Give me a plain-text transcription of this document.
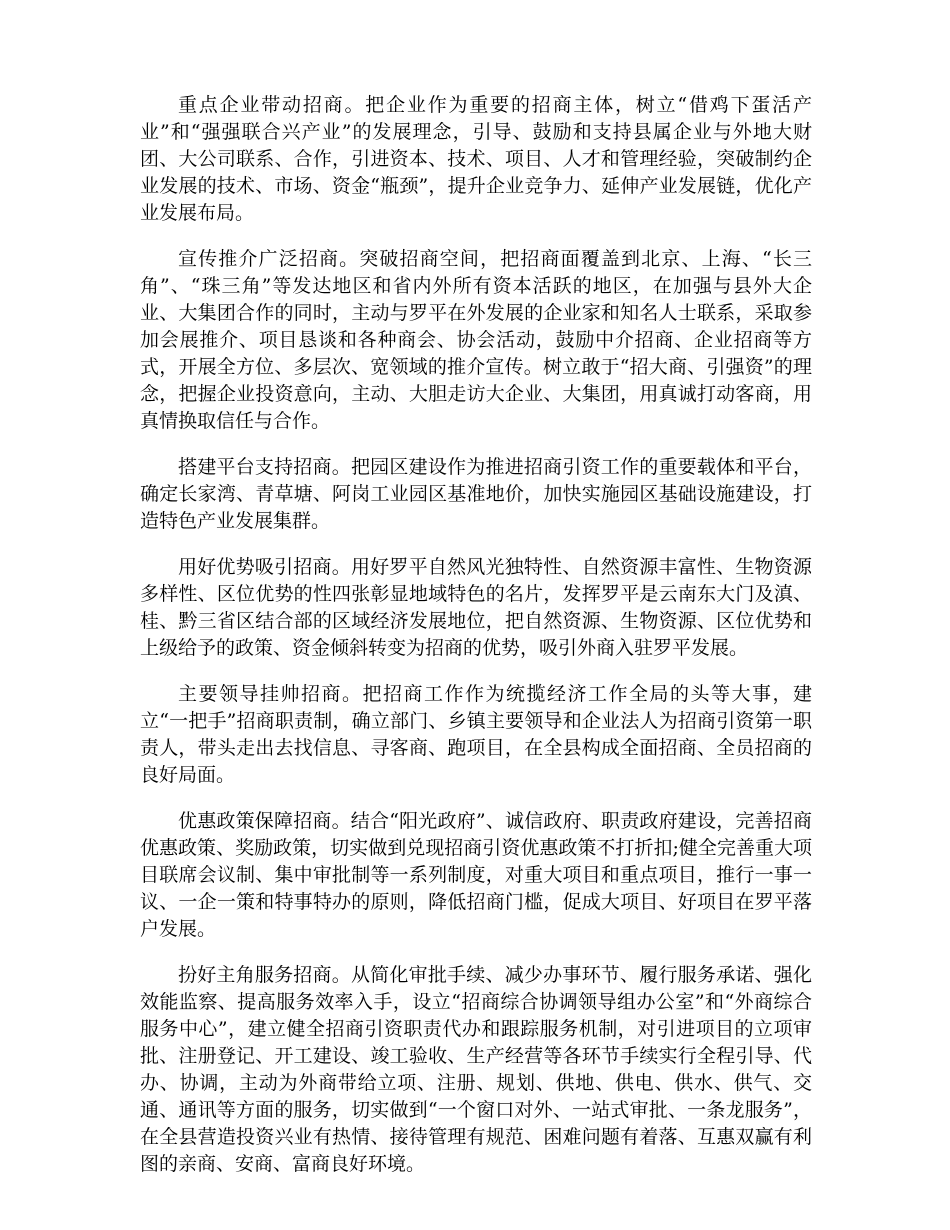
重点企业带动招商。把企业作为重要的招商主体，树立“借鸡下蛋活产业”和“强强联合兴产业”的发展理念，引导、鼓励和支持县属企业与外地大财团、大公司联系、合作，引进资本、技术、项目、人才和管理经验，突破制约企业发展的技术、市场、资金“瓶颈”，提升企业竞争力、延伸产业发展链，优化产业发展布局。

宣传推介广泛招商。突破招商空间，把招商面覆盖到北京、上海、“长三角”、“珠三角”等发达地区和省内外所有资本活跃的地区，在加强与县外大企业、大集团合作的同时，主动与罗平在外发展的企业家和知名人士联系，采取参加会展推介、项目恳谈和各种商会、协会活动，鼓励中介招商、企业招商等方式，开展全方位、多层次、宽领域的推介宣传。树立敢于“招大商、引强资”的理念，把握企业投资意向，主动、大胆走访大企业、大集团，用真诚打动客商，用真情换取信任与合作。

搭建平台支持招商。把园区建设作为推进招商引资工作的重要载体和平台，确定长家湾、青草塘、阿岗工业园区基准地价，加快实施园区基础设施建设，打造特色产业发展集群。

用好优势吸引招商。用好罗平自然风光独特性、自然资源丰富性、生物资源多样性、区位优势的性四张彰显地域特色的名片，发挥罗平是云南东大门及滇、桂、黔三省区结合部的区域经济发展地位，把自然资源、生物资源、区位优势和上级给予的政策、资金倾斜转变为招商的优势，吸引外商入驻罗平发展。

主要领导挂帅招商。把招商工作作为统揽经济工作全局的头等大事，建立“一把手”招商职责制，确立部门、乡镇主要领导和企业法人为招商引资第一职责人，带头走出去找信息、寻客商、跑项目，在全县构成全面招商、全员招商的良好局面。

优惠政策保障招商。结合“阳光政府”、诚信政府、职责政府建设，完善招商优惠政策、奖励政策，切实做到兑现招商引资优惠政策不打折扣;健全完善重大项目联席会议制、集中审批制等一系列制度，对重大项目和重点项目，推行一事一议、一企一策和特事特办的原则，降低招商门槛，促成大项目、好项目在罗平落户发展。

扮好主角服务招商。从简化审批手续、减少办事环节、履行服务承诺、强化效能监察、提高服务效率入手，设立“招商综合协调领导组办公室”和“外商综合服务中心”，建立健全招商引资职责代办和跟踪服务机制，对引进项目的立项审批、注册登记、开工建设、竣工验收、生产经营等各环节手续实行全程引导、代办、协调，主动为外商带给立项、注册、规划、供地、供电、供水、供气、交通、通讯等方面的服务，切实做到“一个窗口对外、一站式审批、一条龙服务”，在全县营造投资兴业有热情、接待管理有规范、困难问题有着落、互惠双赢有利图的亲商、安商、富商良好环境。
